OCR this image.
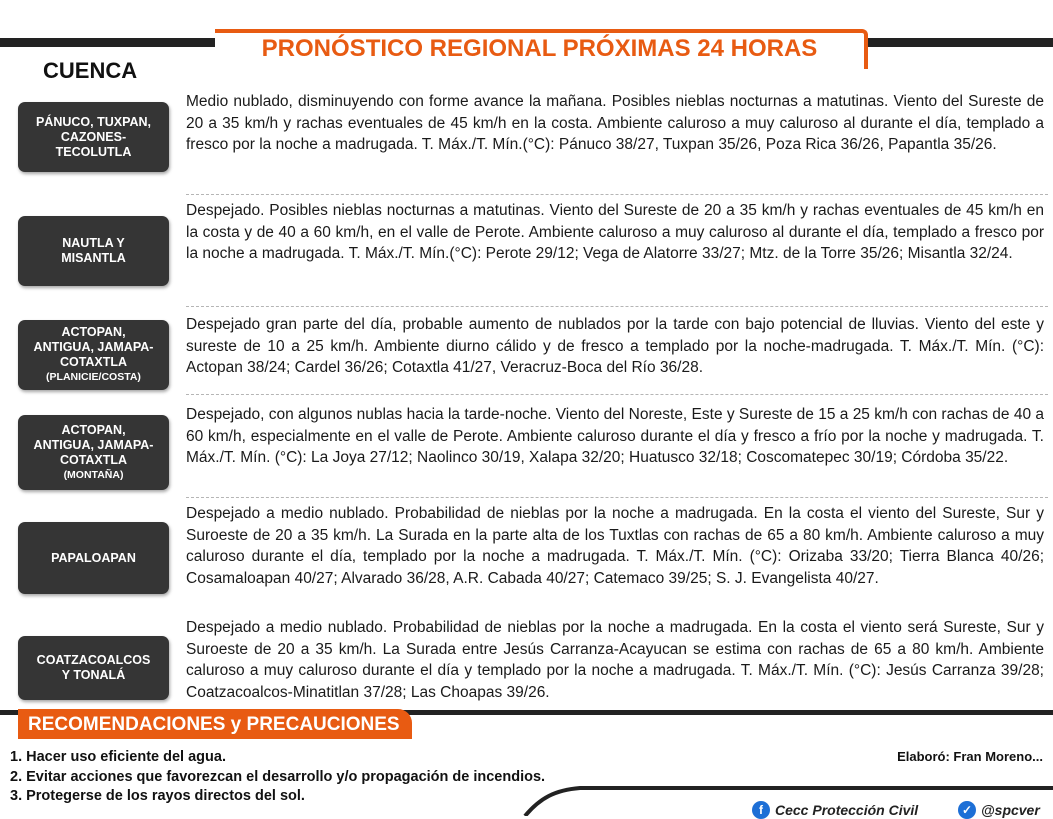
PRONÓSTICO REGIONAL PRÓXIMAS 24 HORAS
CUENCA
PÁNUCO, TUXPAN,
CAZONES-
TECOLUTLA
Medio nublado, disminuyendo con forme avance la mañana. Posibles nieblas nocturnas a matutinas. Viento del Sureste de 20 a 35 km/h y rachas eventuales de 45 km/h en la costa. Ambiente caluroso a muy caluroso al durante el día, templado a fresco por la noche a madrugada. T. Máx./T. Mín.(°C): Pánuco 38/27, Tuxpan 35/26, Poza Rica 36/26, Papantla 35/26.
NAUTLA Y
MISANTLA
Despejado. Posibles nieblas nocturnas a matutinas. Viento del Sureste de 20 a 35 km/h y rachas eventuales de 45 km/h en la costa y de 40 a 60 km/h, en el valle de Perote. Ambiente caluroso a muy caluroso al durante el día, templado a fresco por la noche a madrugada. T. Máx./T. Mín.(°C): Perote 29/12; Vega de Alatorre 33/27; Mtz. de la Torre 35/26; Misantla 32/24.
ACTOPAN,
ANTIGUA, JAMAPA-
COTAXTLA
(PLANICIE/COSTA)
Despejado gran parte del día, probable aumento de nublados por la tarde con bajo potencial de lluvias. Viento del este y sureste de 10 a 25 km/h. Ambiente diurno cálido y de fresco a templado por la noche-madrugada. T. Máx./T. Mín. (°C): Actopan 38/24; Cardel 36/26; Cotaxtla 41/27, Veracruz-Boca del Río 36/28.
ACTOPAN,
ANTIGUA, JAMAPA-
COTAXTLA
(MONTAÑA)
Despejado, con algunos nublas hacia la tarde-noche. Viento del Noreste, Este y Sureste de 15 a 25 km/h con rachas de 40 a 60 km/h, especialmente en el valle de Perote. Ambiente caluroso durante el día y fresco a frío por la noche y madrugada. T. Máx./T. Mín. (°C): La Joya 27/12; Naolinco 30/19, Xalapa 32/20; Huatusco 32/18; Coscomatepec 30/19; Córdoba 35/22.
PAPALOAPAN
Despejado a medio nublado. Probabilidad de nieblas por la noche a madrugada. En la costa el viento del Sureste, Sur y Suroeste de 20 a 35 km/h. La Surada en la parte alta de los Tuxtlas con rachas de 65 a 80 km/h. Ambiente caluroso a muy caluroso durante el día, templado por la noche a madrugada. T. Máx./T. Mín. (°C): Orizaba 33/20; Tierra Blanca 40/26; Cosamaloapan 40/27; Alvarado 36/28, A.R. Cabada 40/27; Catemaco 39/25; S. J. Evangelista 40/27.
COATZACOALCOS
Y TONALÁ
Despejado a medio nublado. Probabilidad de nieblas por la noche a madrugada. En la costa el viento será Sureste, Sur y Suroeste de 20 a 35 km/h. La Surada entre Jesús Carranza-Acayucan se estima con rachas de 65 a 80 km/h. Ambiente caluroso a muy caluroso durante el día y templado por la noche a madrugada. T. Máx./T. Mín. (°C): Jesús Carranza 39/28; Coatzacoalcos-Minatitlan 37/28; Las Choapas 39/26.
RECOMENDACIONES y PRECAUCIONES
1. Hacer uso eficiente del agua.
2. Evitar acciones que favorezcan el desarrollo y/o propagación de incendios.
3. Protegerse de los rayos directos del sol.
Elaboró: Fran Moreno...
f Cecc Protección Civil	✓ @spcver
